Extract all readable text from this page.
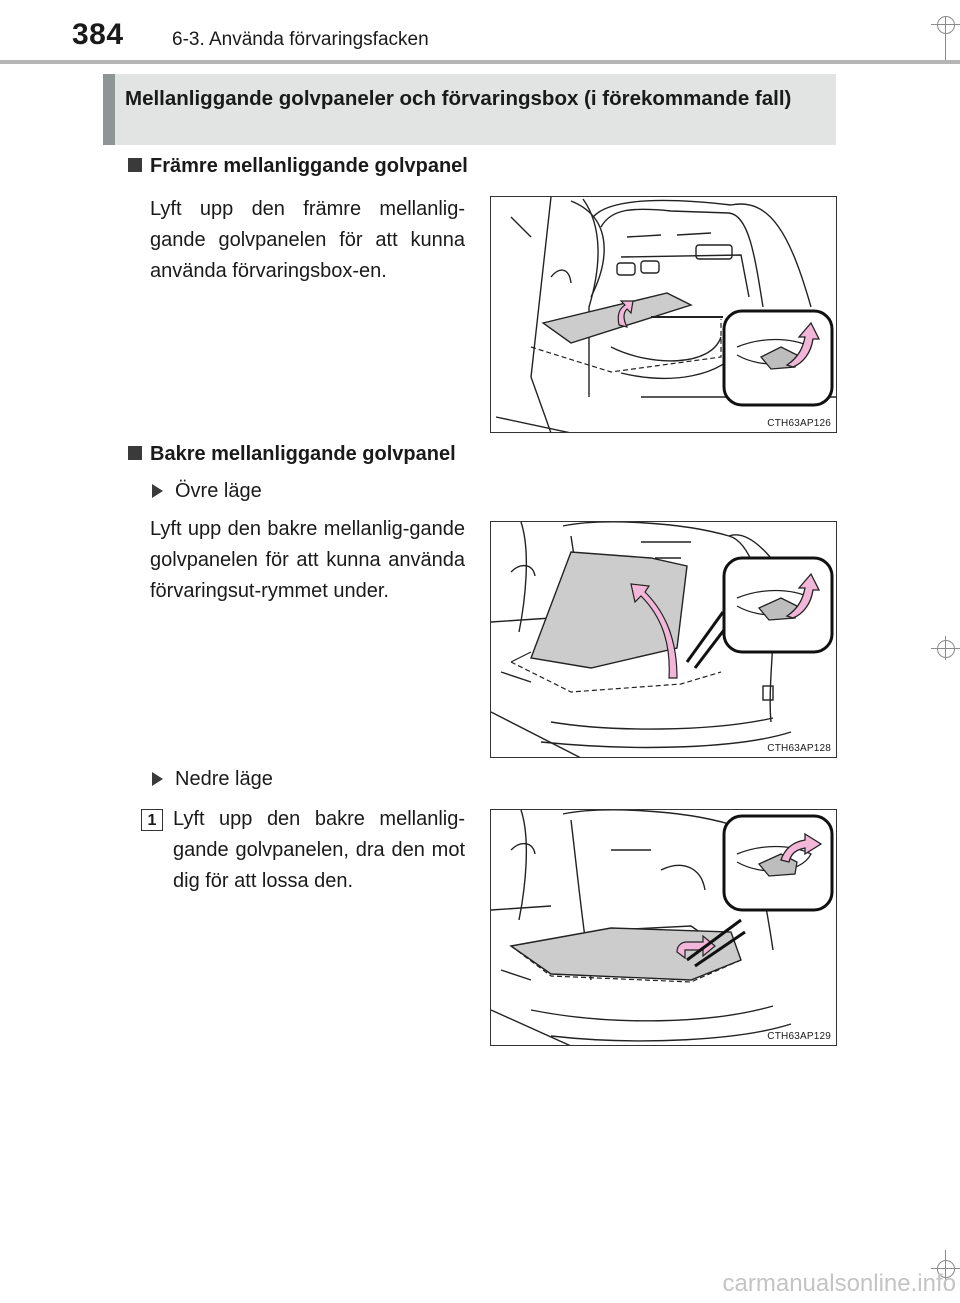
384	6-3. Använda förvaringsfacken
Mellanliggande golvpaneler och förvaringsbox (i förekommande fall)
Främre mellanliggande golvpanel
Lyft upp den främre mellanlig-gande golvpanelen för att kunna använda förvaringsbox-en.
CTH63AP126
Bakre mellanliggande golvpanel
Övre läge
Lyft upp den bakre mellanlig-gande golvpanelen för att kunna använda förvaringsut-rymmet under.
CTH63AP128
Nedre läge
1 Lyft upp den bakre mellanlig-gande golvpanelen, dra den mot dig för att lossa den.
CTH63AP129
carmanualsonline.info
